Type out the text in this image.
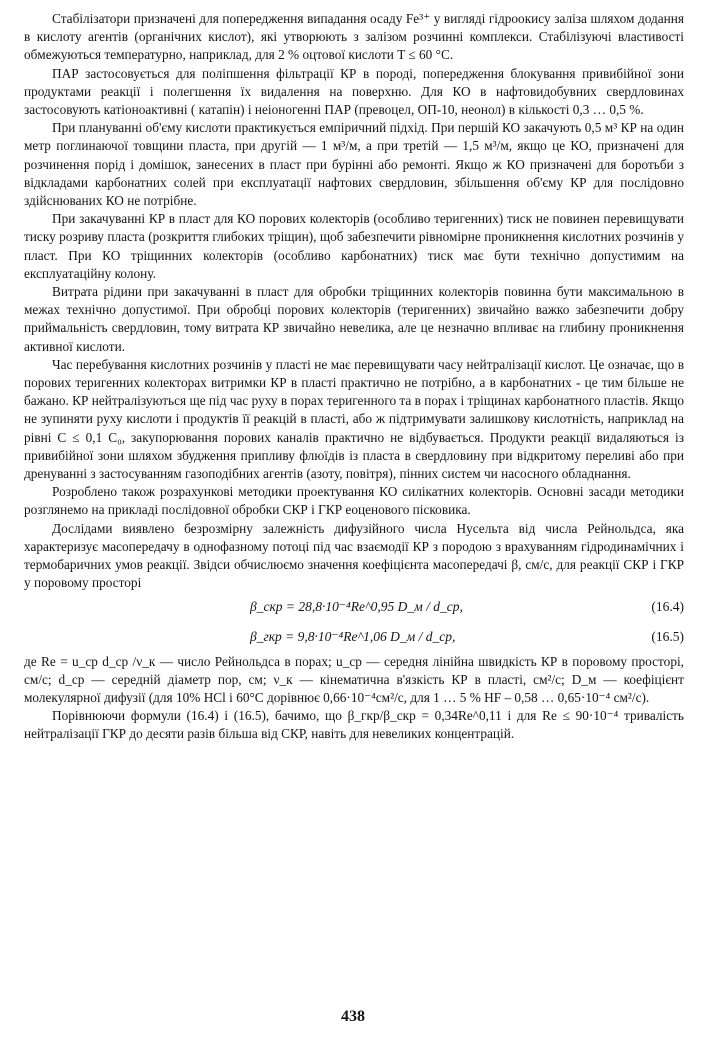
Стабілізатори призначені для попередження випадання осаду Fe³⁺ у вигляді гідроокису заліза шляхом додання в кислоту агентів (органічних кислот), які утворюють з залізом розчинні комплекси. Стабілізуючі властивості обмежуються температурно, наприклад, для 2 % оцтової кислоти T ≤ 60 °С.

ПАР застосовується для поліпшення фільтрації КР в породі, попередження блокування привибійної зони продуктами реакції і полегшення їх видалення на поверхню. Для КО в нафтовидобувних свердловинах застосовують катіоноактивні ( катапін) і неіоногенні ПАР (превоцел, ОП-10, неонол) в кількості 0,3 … 0,5 %.

При плануванні об'єму кислоти практикується емпіричний підхід. При першій КО закачують 0,5 м³ КР на один метр поглинаючої товщини пласта, при другій — 1 м³/м, а при третій — 1,5 м³/м, якщо це КО, призначені для розчинення порід і домішок, занесених в пласт при бурінні або ремонті. Якщо ж КО призначені для боротьби з відкладами карбонатних солей при експлуатації нафтових свердловин, збільшення об'єму КР для послідовно здійснюваних КО не потрібне.

При закачуванні КР в пласт для КО порових колекторів (особливо теригенних) тиск не повинен перевищувати тиску розриву пласта (розкриття глибоких тріщин), щоб забезпечити рівномірне проникнення кислотних розчинів у пласт. При КО тріщинних колекторів (особливо карбонатних) тиск має бути технічно допустимим на експлуатаційну колону.

Витрата рідини при закачуванні в пласт для обробки тріщинних колекторів повинна бути максимальною в межах технічно допустимої. При обробці порових колекторів (теригенних) звичайно важко забезпечити добру приймальність свердловин, тому витрата КР звичайно невелика, але це незначно впливає на глибину проникнення активної кислоти.

Час перебування кислотних розчинів у пласті не має перевищувати часу нейтралізації кислот. Це означає, що в порових теригенних колекторах витримки КР в пласті практично не потрібно, а в карбонатних - це тим більше не бажано. КР нейтралізуються ще під час руху в порах теригенного та в порах і тріщинах карбонатного пластів. Якщо не зупиняти руху кислоти і продуктів її реакцій в пласті, або ж підтримувати залишкову кислотність, наприклад на рівні C ≤ 0,1 C₀, закупорювання порових каналів практично не відбувається. Продукти реакції видаляються із привибійної зони шляхом збудження припливу флюїдів із пласта в свердловину при відкритому переливі або при дренуванні з застосуванням газоподібних агентів (азоту, повітря), пінних систем чи насосного обладнання.

Розроблено також розрахункові методики проектування КО силікатних колекторів. Основні засади методики розглянемо на прикладі послідовної обробки СКР і ГКР еоценового пісковика.

Дослідами виявлено безрозмірну залежність дифузійного числа Нусельта від числа Рейнольдса, яка характеризує масопередачу в однофазному потоці під час взаємодії КР з породою з врахуванням гідродинамічних і термобаричних умов реакції. Звідси обчислюємо значення коефіцієнта масопередачі β, см/с, для реакції СКР і ГКР у поровому просторі

β_скр = 28,8·10⁻⁴Re^0,95 D_м / d_ср,	(16.4)
β_гкр = 9,8·10⁻⁴Re^1,06 D_м / d_ср,	(16.5)

де Re = u_ср d_ср /ν_к — число Рейнольдса в порах; u_ср — середня лінійна швидкість КР в поровому просторі, см/с; d_ср — середній діаметр пор, см; ν_к — кінематична в'язкість КР в пласті, см²/с; D_м — коефіцієнт молекулярної дифузії (для 10% HCl і 60°С дорівнює 0,66·10⁻⁴см²/с, для 1 … 5 % HF – 0,58 … 0,65·10⁻⁴ см²/с).

Порівнюючи формули (16.4) і (16.5), бачимо, що β_гкр/β_скр = 0,34Re^0,11 і для Re ≤ 90·10⁻⁴ тривалість нейтралізації ГКР до десяти разів більша від СКР, навіть для невеликих концентрацій.

438
